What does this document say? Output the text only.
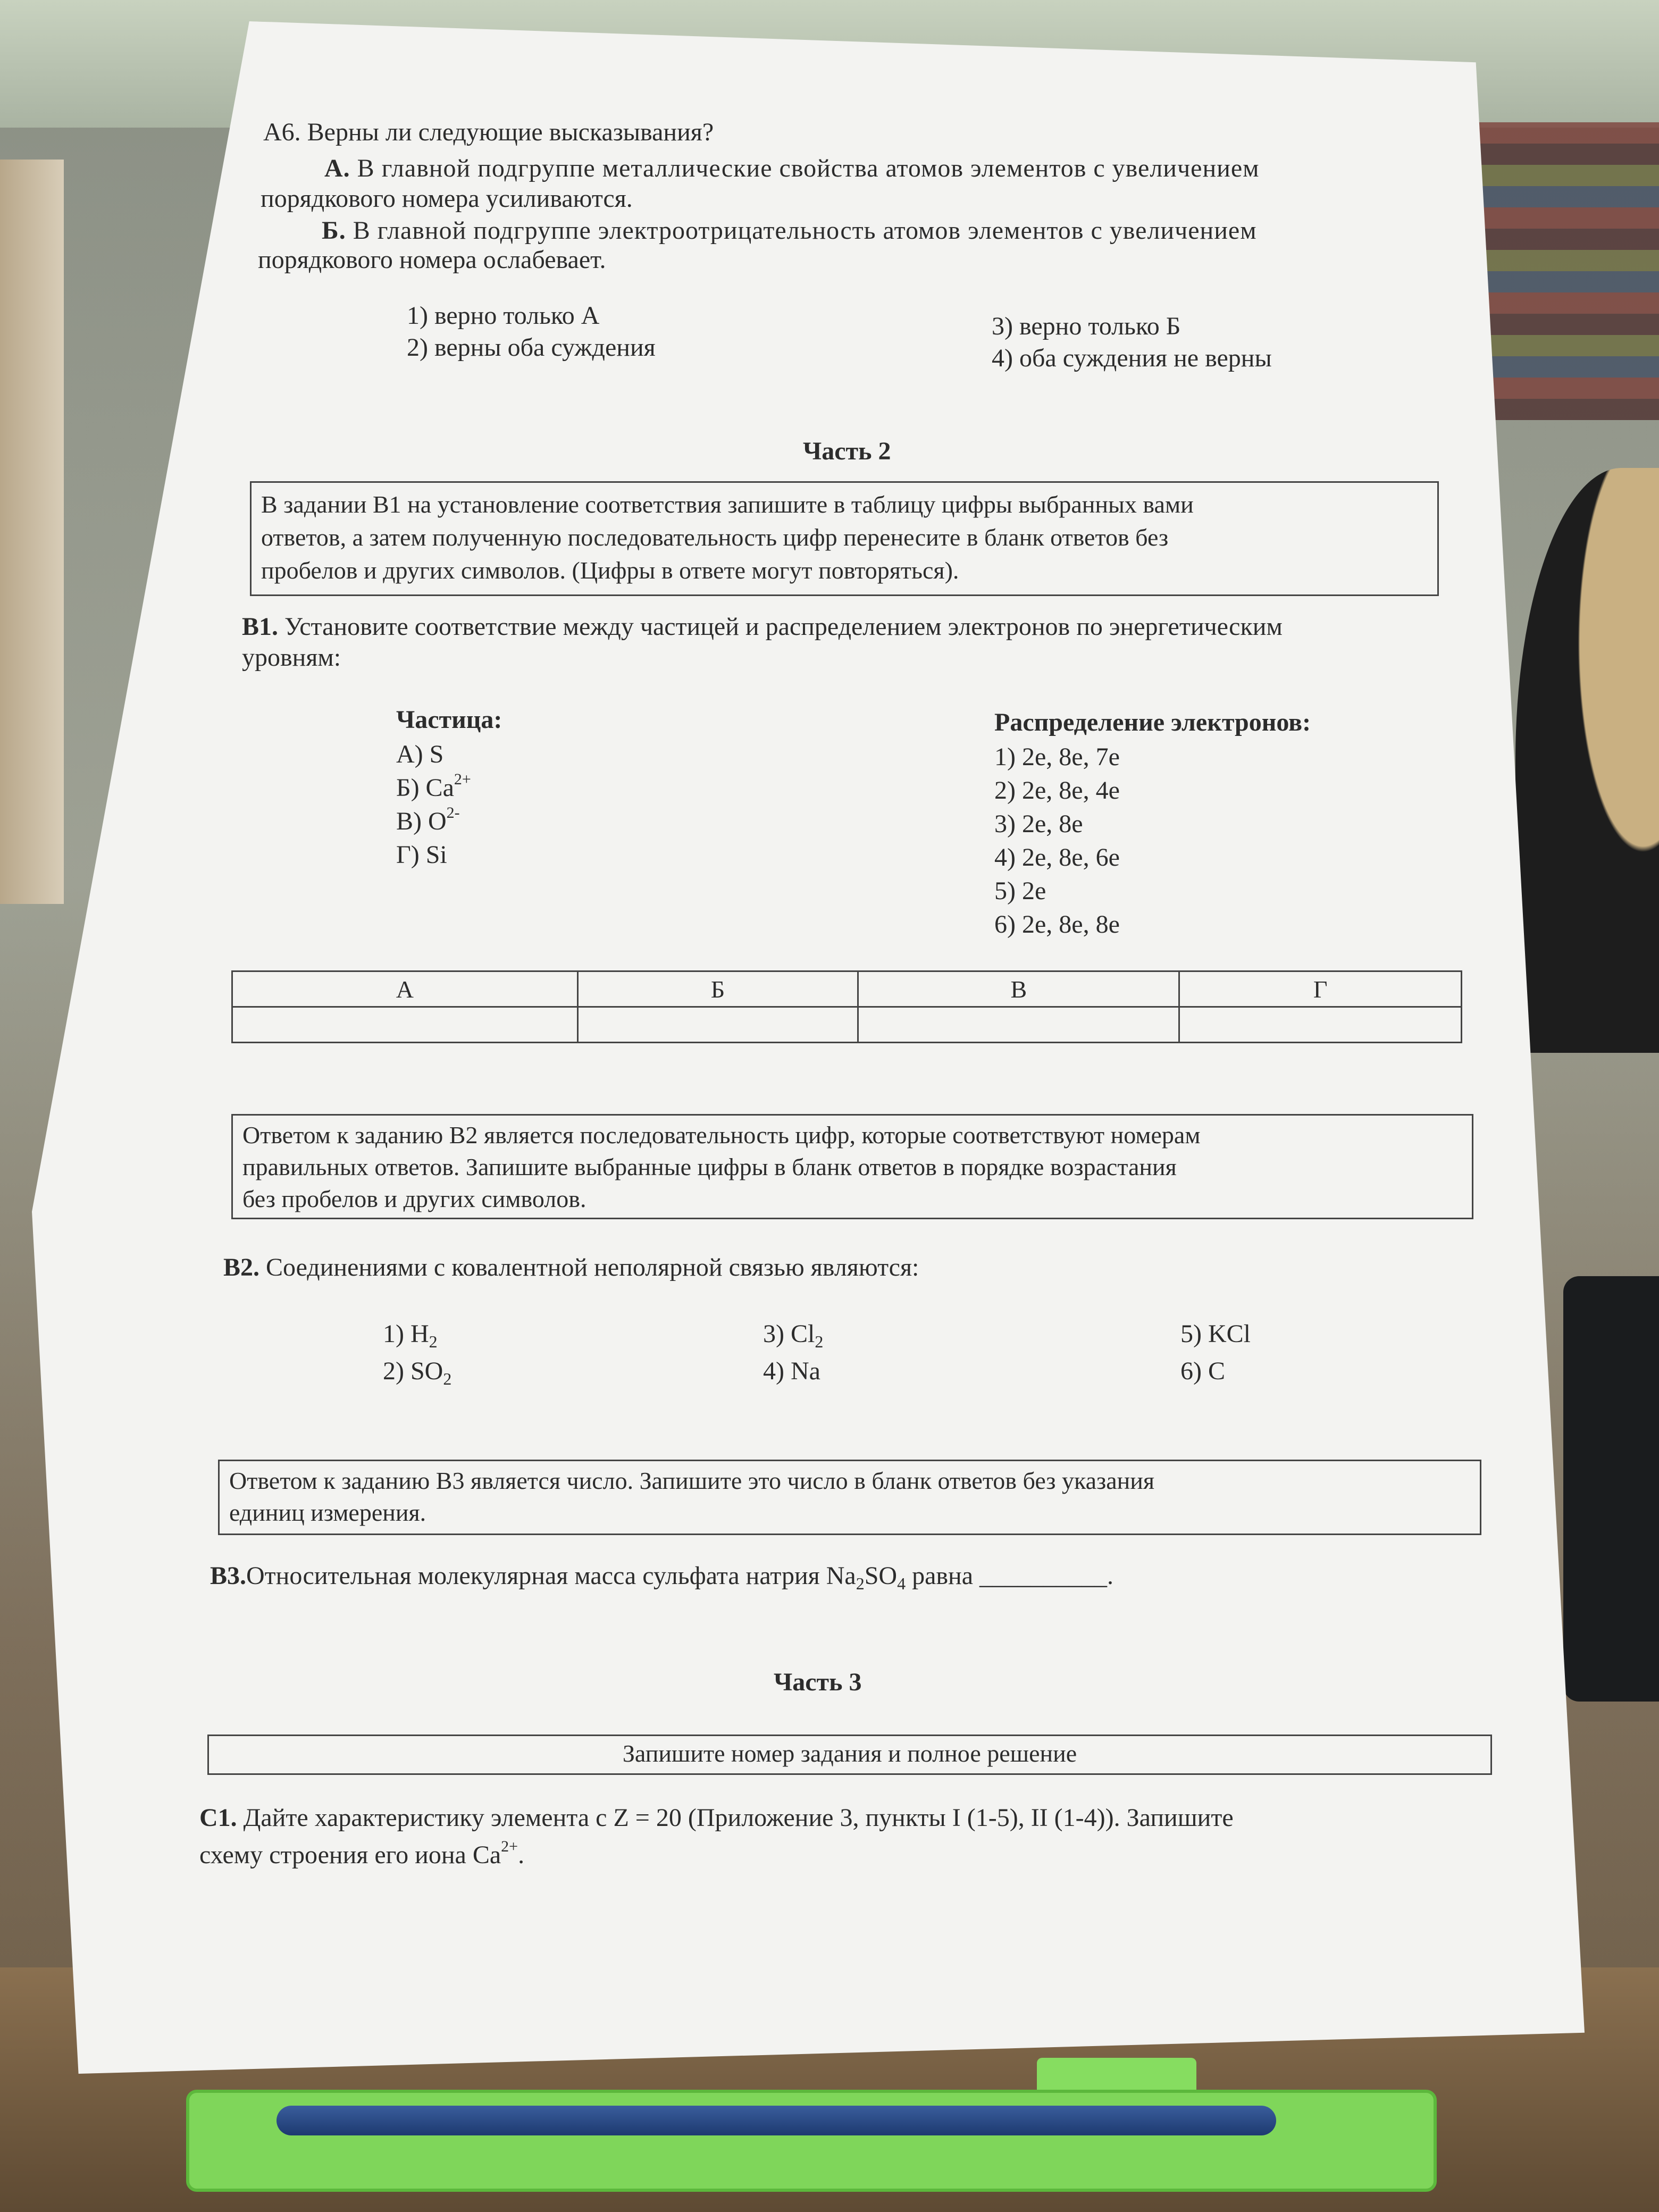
А6. Верны ли следующие высказывания?
А. В главной подгруппе металлические свойства атомов элементов с увеличением
порядкового номера усиливаются.
Б. В главной подгруппе электроотрицательность атомов элементов с увеличением
порядкового номера ослабевает.
1) верно только А
2) верны оба суждения
3) верно только Б
4) оба суждения не верны
Часть 2
В задании В1 на установление соответствия запишите в таблицу цифры выбранных вами
ответов, а затем полученную последовательность цифр перенесите в бланк ответов без
пробелов и других символов. (Цифры в ответе могут повторяться).
В1. Установите соответствие между частицей и распределением электронов по энергетическим
уровням:
Частица:
А) S
Б) $Ca^{2+}$
В) $O^{2-}$
Г) Si
Распределение электронов:
1) 2e, 8e, 7e
2) 2e, 8e, 4e
3) 2e, 8e
4) 2e, 8e, 6e
5) 2e
6) 2e, 8e, 8e
А	Б	В	Г

Ответом к заданию В2 является последовательность цифр, которые соответствуют номерам
правильных ответов. Запишите выбранные цифры в бланк ответов в порядке возрастания
без пробелов и других символов.
В2. Соединениями с ковалентной неполярной связью являются:
1) $H_2$
2) $SO_2$
3) $Cl_2$
4) Na
5) KCl
6) C
Ответом к заданию В3 является число. Запишите это число в бланк ответов без указания
единиц измерения.
В3.Относительная молекулярная масса сульфата натрия $Na_2SO_4$ равна __________.
Часть 3
Запишите номер задания и полное решение
С1. Дайте характеристику элемента с Z = 20 (Приложение 3, пункты I (1-5), II (1-4)). Запишите
схему строения его иона $Ca^{2+}$.
